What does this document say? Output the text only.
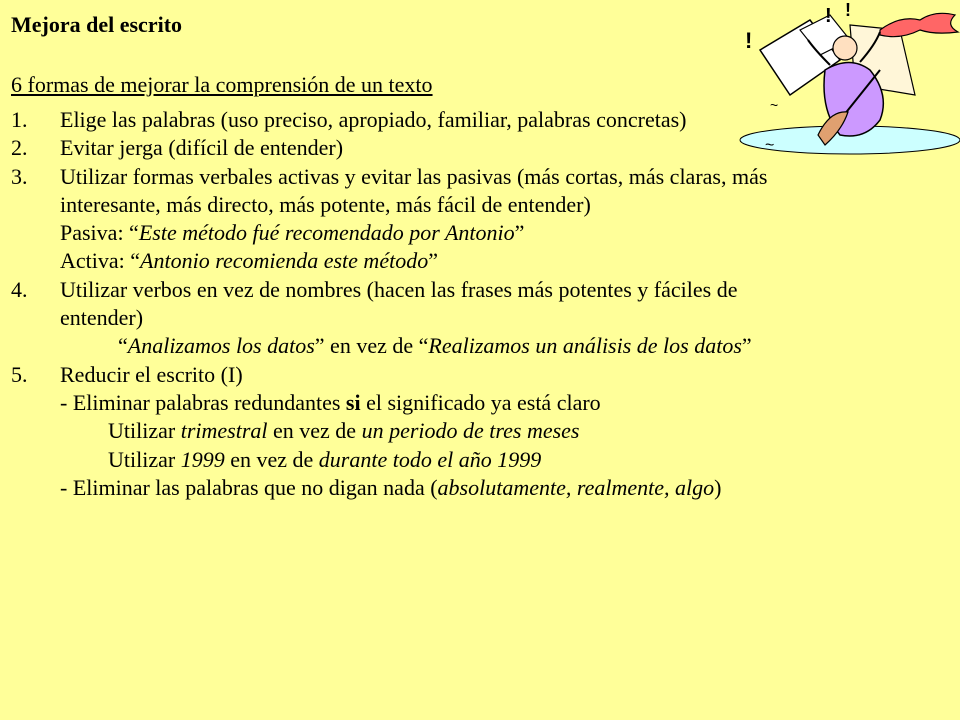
Mejora del escrito
6 formas de mejorar la comprensión de un texto
1. Elige las palabras (uso preciso, apropiado, familiar, palabras concretas)
2. Evitar jerga (difícil de entender)
3. Utilizar formas verbales activas y evitar las pasivas (más cortas, más claras, más
interesante, más directo, más potente, más fácil de entender)
Pasiva: “Este método fué recomendado por Antonio”
Activa: “Antonio recomienda este método”
4. Utilizar verbos en vez de nombres (hacen las frases más potentes y fáciles de
entender)
“Analizamos los datos” en vez de “Realizamos un análisis de los datos”
5. Reducir el escrito (I)
- Eliminar palabras redundantes si el significado ya está claro
Utilizar trimestral en vez de un periodo de tres meses
Utilizar 1999 en vez de durante todo el año 1999
- Eliminar las palabras que no digan nada (absolutamente, realmente, algo)
!
! !
~
~
